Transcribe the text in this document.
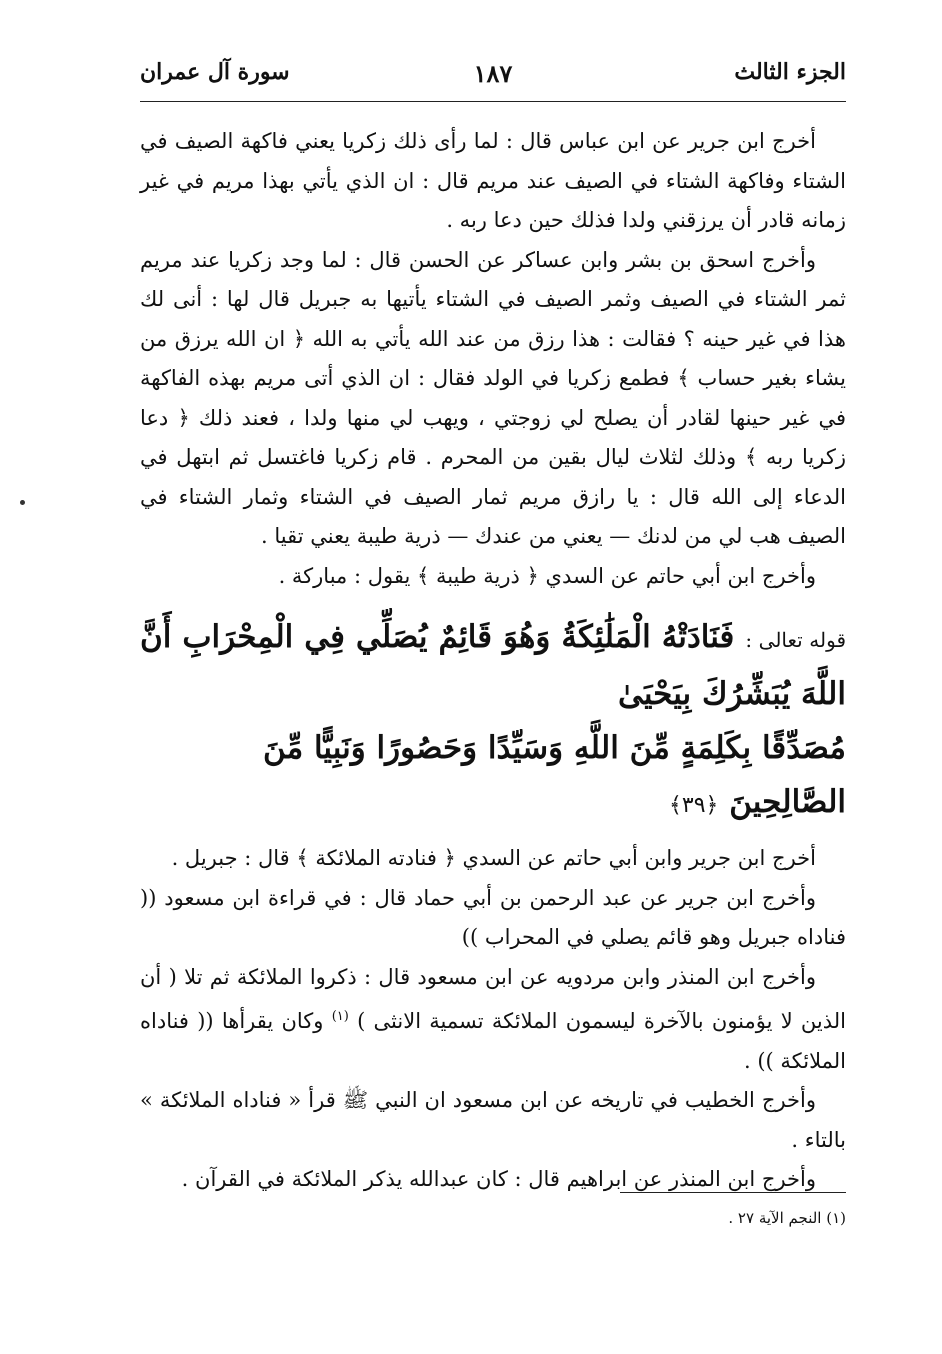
الجزء الثالث
١٨٧
سورة آل عمران

أخرج ابن جرير عن ابن عباس قال : لما رأى ذلك زكريا يعني فاكهة الصيف في الشتاء وفاكهة الشتاء في الصيف عند مريم قال : ان الذي يأتي بهذا مريم في غير زمانه قادر أن يرزقني ولدا فذلك حين دعا ربه .

وأخرج اسحق بن بشر وابن عساكر عن الحسن قال : لما وجد زكريا عند مريم ثمر الشتاء في الصيف وثمر الصيف في الشتاء يأتيها به جبريل قال لها : أنى لك هذا في غير حينه ؟ فقالت : هذا رزق من عند الله يأتي به الله ﴿ ان الله يرزق من يشاء بغير حساب ﴾ فطمع زكريا في الولد فقال : ان الذي أتى مريم بهذه الفاكهة في غير حينها لقادر أن يصلح لي زوجتي ، ويهب لي منها ولدا ، فعند ذلك ﴿ دعا زكريا ربه ﴾ وذلك لثلاث ليال بقين من المحرم . قام زكريا فاغتسل ثم ابتهل في الدعاء إلى الله قال : يا رازق مريم ثمار الصيف في الشتاء وثمار الشتاء في الصيف هب لي من لدنك — يعني من عندك — ذرية طيبة يعني تقيا .

وأخرج ابن أبي حاتم عن السدي ﴿ ذرية طيبة ﴾ يقول : مباركة .

قوله تعالى : فَنَادَتْهُ الْمَلَٰئِكَةُ وَهُوَ قَائِمٌ يُصَلِّي فِي الْمِحْرَابِ أَنَّ اللَّهَ يُبَشِّرُكَ بِيَحْيَىٰ
مُصَدِّقًا بِكَلِمَةٍ مِّنَ اللَّهِ وَسَيِّدًا وَحَصُورًا وَنَبِيًّا مِّنَ الصَّالِحِينَ ﴿٣٩﴾

أخرج ابن جرير وابن أبي حاتم عن السدي ﴿ فنادته الملائكة ﴾ قال : جبريل .

وأخرج ابن جرير عن عبد الرحمن بن أبي حماد قال : في قراءة ابن مسعود (( فناداه جبريل وهو قائم يصلي في المحراب ))

وأخرج ابن المنذر وابن مردويه عن ابن مسعود قال : ذكروا الملائكة ثم تلا ( أن الذين لا يؤمنون بالآخرة ليسمون الملائكة تسمية الانثى ) $^{(١)}$ وكان يقرأها (( فناداه الملائكة )) .

وأخرج الخطيب في تاريخه عن ابن مسعود ان النبي ﷺ قرأ « فناداه الملائكة » بالتاء .

وأخرج ابن المنذر عن ابراهيم قال : كان عبدالله يذكر الملائكة في القرآن .

(١) النجم الآية ٢٧ .
